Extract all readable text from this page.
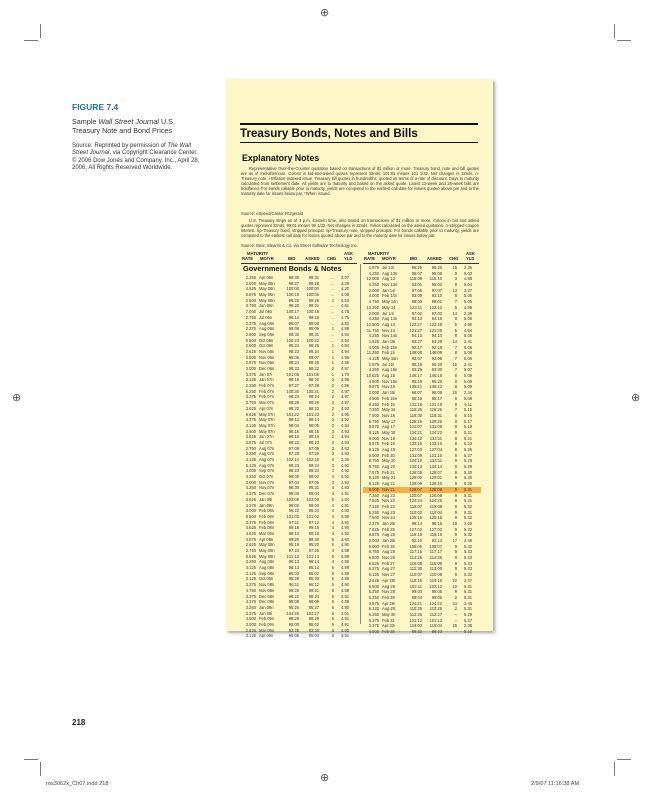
⊕
⊕	⊕
⊕
FIGURE 7.4
Sample Wall Street Journal U.S. Treasury Note and Bond Prices
Source: Reprinted by permission of The Wall Street Journal, via Copyright Clearance Center. © 2006 Dow Jones and Company, Inc., April 28, 2006. All Rights Reserved Worldwide.
Treasury Bonds, Notes and Bills
Explanatory Notes
Representative Over-the-Counter quotation based on transactions of $1 million or more. Treasury bond, note and bill quotes are as of mid-afternoon. Colons in bid-and-asked quotes represent 32nds; 101:01 means 101 1/32. Net changes in 32nds. n-Treasury note. i-Inflation-Indexed issue. Treasury bill quotes in hundredths, quoted on terms of a rate of discount. Days to maturity calculated from settlement date. All yields are to maturity and based on the asked quote. Latest 13-week and 26-week bills are boldfaced. For bonds callable prior to maturity, yields are computed to the earliest call date for issues quoted above par and to the maturity date for issues below par. *When issued.
Source: eSpeed/Cantor Fitzgerald
U.S. Treasury strips as of 3 p.m. Eastern time, also based on transactions of $1 million or more. Colons in bid and asked quotes represent 32nds; 99:01 means 99 1/32. Net changes in 32nds. Yields calculated on the asked quotation. ci-stripped coupon interest. bp-Treasury bond, stripped principal. np-Treasury note, stripped principal. For bonds callable prior to maturity, yields are computed to the earliest call date for issues quoted above par and to the maturity date for issues below par.
Source: Bear, Stearns & Co. via Street Software Technology Inc.
MATURITY	ASK
RATE MO/YR	BID ASKED CHG YLD
MATURITY	ASK
RATE MO/YR	BID ASKED CHG YLD
Government Bonds & Notes
2.250 Apr 06n	99:30	99:31	...	3.07
2.000 May 06n	99:27	99:28	...	4.29
4.625 May 06n	100:00	100:00	...	4.20
6.875 May 06n	100:10	100:06	...	4.08
2.500 May 06n	99:25	99:26	1	4.53
3.750 Jun 06n	99:20	99:21	...	4.61
7.000 Jul 06n	100:17	100:18	...	4.78
2.750 Jul 06n	99:14	99:15	...	4.75
2.375 Aug 06n	99:07	99:08	...	4.82
2.375 Aug 06n	99:06	99:06	1	4.88
2.500 Sep 06n	98:30	98:31	...	4.94
6.500 Oct 06n	100:23	100:22	...	4.94
2.500 Oct 06n	98:24	98:25	1	4.94
2.625 Nov 06n	98:23	98:24	1	4.94
3.500 Nov 06n	99:06	99:07	1	4.96
2.875 Nov 06n	98:24	98:25	1	4.96
3.000 Dec 06n	98:23	98:22	2	4.97
3.375 Jan 07i	101:05	101:06	1	1.70
3.125 Jan 07n	98:19	98:20	2	4.95
2.250 Feb 07n	97:27	97:28	2	4.96
6.250 Feb 07n	100:30	100:31	2	4.97
3.375 Feb 07n	98:23	98:24	2	4.97
3.750 Mar 07n	98:25	98:26	2	4.97
3.625 Apr 07n	98:22	98:23	2	4.93
6.625 May 07n	101:22	101:23	2	4.95
4.375 May 07n	99:13	99:14	2	4.92
3.125 May 07n	98:04	98:05	2	4.94
3.500 May 07n	98:15	98:16	3	4.93
3.625 Jun 07n	98:15	98:16	2	4.94
3.875 Jul 07n	98:22	98:23	2	4.93
2.750 Aug 07n	97:09	97:09	3	4.93
3.250 Aug 07n	97:28	97:29	3	4.93
4.125 Aug 07n	102:14	102:15	3	2.30
6.125 Aug 07n	99:23	99:24	3	4.92
4.000 Sep 07n	98:23	98:24	4	4.92
4.250 Oct 07n	99:00	99:02	4	4.92
3.000 Nov 07n	97:04	97:05	3	4.92
4.250 Nov 07n	98:30	98:31	4	4.93
4.375 Dec 07n	99:00	99:04	4	4.91
3.625 Jan 08i	103:08	103:09	5	1.84
4.375 Jan 08n	99:02	99:03	4	4.91
3.000 Feb 08n	96:22	96:24	4	4.90
5.500 Feb 08n	101:03	101:02	4	4.90
3.375 Feb 08n	97:11	97:12	4	4.91
4.625 Feb 08n	99:15	99:16	4	4.90
4.625 Mar 08n	99:13	99:16	4	4.92
4.875 Apr 08n	99:29	99:30	5	4.90
2.625 May 08n	95:19	95:20	5	4.90
3.750 May 08n	97:24	97:25	4	4.89
5.625 May 08n	101:13	101:13	5	4.89
3.250 Aug 08n	96:13	96:14	4	4.90
4.125 Aug 08n	98:13	98:14	5	4.89
3.125 Sep 08n	96:03	96:02	5	4.89
3.125 Oct 08n	95:28	95:30	6	4.89
3.375 Nov 08n	96:11	96:12	5	4.90
4.750 Nov 08n	99:20	99:21	6	4.89
3.375 Dec 08n	98:22	98:23	6	4.91
4.375 Dec 08n	98:08	98:09	6	4.89
3.250 Jan 09n	95:26	95:27	6	4.90
3.375 Jan 09i	104:26	104:27	6	2.01
4.500 Feb 09n	98:29	98:29	5	4.91
3.000 Feb 09n	95:00	95:02	5	4.91
2.625 Mar 09n	93:25	93:30	6	4.90
3.125 Apr 09n	95:00	95:04	6	4.91
1.875 Jul 13i	96:25	96:26	15	2.36
4.250 Aug 13n	95:07	95:08	9	5.03
12.000 Aug 13	115:09	115:10	3	4.88
4.250 Nov 13n	93:01	95:02	8	5.04
2.000 Jan 14i	97:06	97:07	13	2.37
4.000 Feb 14n	93:09	93:10	8	5.05
4.750 May 14n	98:00	98:01	7	5.05
13.250 May 14	123:11	123:12	5	4.89
2.000 Jul 14i	97:02	97:03	14	2.39
4.250 Aug 14n	94:13	94:19	8	5.05
12.500 Aug 14	122:27	122:28	5	4.90
11.750 Nov 14	121:27	121:28	5	4.94
4.250 Nov 14n	94:13	94:14	8	5.06
1.625 Jan 15i	93:27	93:28	14	2.41
4.000 Feb 15n	92:17	92:18	7	5.06
11.250 Feb 15	148:08	148:09	8	5.08
4.125 May 15n	93:07	93:08	7	5.06
1.875 Jul 15i	95:19	95:20	15	2.41
4.250 Aug 15n	93:29	93:30	7	5.07
10.625 Aug 15	146:17	146:18	8	5.09
4.500 Nov 15n	95:19	95:20	8	5.08
9.875 Nov 15	139:21	139:22	8	5.09
2.000 Jan 16i	96:07	96:08	15	2.44
4.500 Feb 16n	95:16	95:17	6	5.08
9.250 Feb 16	131:18	131:19	8	5.11
7.250 May 16	116:25	116:26	7	5.15
7.500 Nov 16	118:30	118:31	8	5.15
8.750 May 17	129:25	129:26	8	5.17
8.875 Aug 17	131:07	131:08	8	5.18
9.125 May 18	134:21	134:22	9	5.21
9.000 Nov 18	134:10	134:11	8	5.21
8.875 Feb 19	133:15	133:16	8	5.23
8.125 Aug 19	127:03	127:04	8	5.26
8.500 Feb 20	131:09	131:10	8	5.27
8.750 May 20	134:10	134:11	9	5.28
8.750 Aug 20	134:13	134:14	8	5.29
7.875 Feb 21	126:06	126:07	8	5.30
8.125 May 21	129:00	129:01	9	5.30
8.125 Aug 21	129:09	129:10	9	5.30
8.000 Nov 21	128:07	128:08	9	5.31
7.250 Aug 22	120:07	120:08	9	5.31
7.625 Nov 22	124:24	124:25	9	5.31
7.125 Feb 23	119:07	119:08	9	5.32
6.250 Aug 23	110:03	110:04	9	5.31
7.500 Nov 24	125:15	125:16	9	5.32
2.375 Jan 25i	98:14	98:15	18	2.50
7.625 Feb 25	127:02	127:03	9	5.32
6.875 Aug 25	118:18	118:19	9	5.32
2.000 Jan 26i	92:10	92:13	17	2.49
6.000 Feb 26	108:06	108:07	9	5.32
6.750 Aug 26	117:16	117:17	9	5.33
6.500 Nov 26	114:25	114:26	9	5.33
6.625 Feb 27	116:08	116:09	9	5.33
6.375 Aug 27	112:30	113:00	9	5.33
6.125 Nov 27	110:07	110:08	9	5.32
3.625 Apr 28i	119:15	119:16	22	2.47
5.500 Aug 28	102:11	102:12	10	5.31
5.250 Nov 28	99:04	99:05	9	5.31
5.250 Feb 29	99:04	99:05	2	5.31
3.875 Apr 29i	124:21	124:22	24	2.46
6.125 Aug 29	110:25	110:26	2	5.31
6.250 May 30	112:26	112:27	--	5.29
5.375 Feb 31	101:12	101:13	--	5.27
3.375 Apr 32i	119:03	119:04	25	2.38
4.500 Feb 36	89:22	89:23	--	5.18
218
ros3062x_Ch07.indd 218	2/9/07 11:16:38 AM
